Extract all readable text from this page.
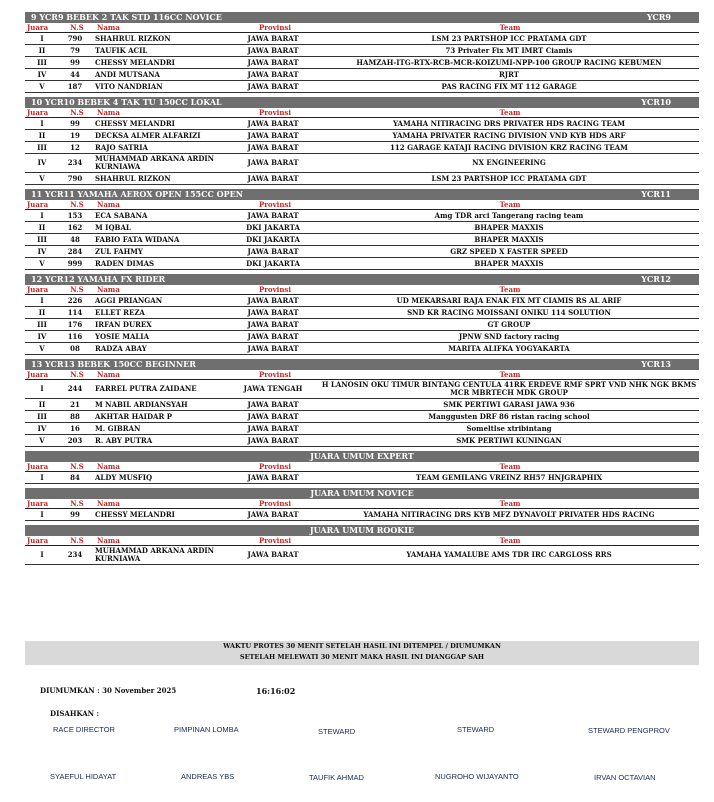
9 YCR9 BEBEK 2 TAK STD 116CC NOVICE	YCR9
Juara	N.S	Nama	Provinsi	Team
I	790	SHAHRUL RIZKON	JAWA BARAT	LSM 23 PARTSHOP ICC PRATAMA GDT
II	79	TAUFIK ACIL	JAWA BARAT	73 Privater Fix MT IMRT Ciamis
III	99	CHESSY MELANDRI	JAWA BARAT	HAMZAH-ITG-RTX-RCB-MCR-KOIZUMI-NPP-100 GROUP RACING KEBUMEN
IV	44	ANDI MUTSANA	JAWA BARAT	RJRT
V	187	VITO NANDRIAN	JAWA BARAT	PAS RACING FIX MT 112 GARAGE
10 YCR10 BEBEK 4 TAK TU 150CC LOKAL	YCR10
Juara	N.S	Nama	Provinsi	Team
I	99	CHESSY MELANDRI	JAWA BARAT	YAMAHA NITIRACING DRS PRIVATER HDS RACING TEAM
II	19	DECKSA ALMER ALFARIZI	JAWA BARAT	YAMAHA PRIVATER RACING DIVISION VND KYB HDS ARF
III	12	RAJO SATRIA	JAWA BARAT	112 GARAGE KATAJI RACING DIVISION KRZ RACING TEAM
IV	234	MUHAMMAD ARKANA ARDIN KURNIAWA	JAWA BARAT	NX ENGINEERING
V	790	SHAHRUL RIZKON	JAWA BARAT	LSM 23 PARTSHOP ICC PRATAMA GDT
11 YCR11 YAMAHA AEROX OPEN 155CC OPEN	YCR11
Juara	N.S	Nama	Provinsi	Team
I	153	ECA SABANA	JAWA BARAT	Amg TDR arci Tangerang racing team
II	162	M IQBAL	DKI JAKARTA	BHAPER MAXXIS
III	48	FABIO FATA WIDANA	DKI JAKARTA	BHAPER MAXXIS
IV	284	ZUL FAHMY	JAWA BARAT	GRZ SPEED X FASTER SPEED
V	999	RADEN DIMAS	DKI JAKARTA	BHAPER MAXXIS
12 YCR12 YAMAHA FX RIDER	YCR12
Juara	N.S	Nama	Provinsi	Team
I	226	AGGI PRIANGAN	JAWA BARAT	UD MEKARSARI RAJA ENAK FIX MT CIAMIS RS AL ARIF
II	114	ELLET REZA	JAWA BARAT	SND KR RACING MOISSANI ONIKU 114 SOLUTION
III	176	IRFAN DUREX	JAWA BARAT	GT GROUP
IV	116	YOSIE MALIA	JAWA BARAT	JPNW SND factory racing
V	08	RADZA ABAY	JAWA BARAT	MARITA ALIFKA YOGYAKARTA
13 YCR13 BEBEK 150CC BEGINNER	YCR13
Juara	N.S	Nama	Provinsi	Team
I	244	FARREL PUTRA ZAIDANE	JAWA TENGAH	H LANOSIN OKU TIMUR BINTANG CENTULA 41RK ERDEVE RMF SPRT VND NHK NGK BKMS MCR MBRTECH MDK GROUP
II	21	M NABIL ARDIANSYAH	JAWA BARAT	SMK PERTIWI GARASI JAWA 936
III	88	AKHTAR HAIDAR P	JAWA BARAT	Manggusten DRF 86 ristan racing school
IV	16	M. GIBRAN	JAWA BARAT	Someltlse xtribintang
V	203	R. ABY PUTRA	JAWA BARAT	SMK PERTIWI KUNINGAN
JUARA UMUM EXPERT
Juara	N.S	Nama	Provinsi	Team
I	84	ALDY MUSFIQ	JAWA BARAT	TEAM GEMILANG VREINZ RH57 HNJGRAPHIX
JUARA UMUM NOVICE
Juara	N.S	Nama	Provinsi	Team
I	99	CHESSY MELANDRI	JAWA BARAT	YAMAHA NITIRACING DRS KYB MFZ DYNAVOLT PRIVATER HDS RACING
JUARA UMUM ROOKIE
Juara	N.S	Nama	Provinsi	Team
I	234	MUHAMMAD ARKANA ARDIN KURNIAWA	JAWA BARAT	YAMAHA YAMALUBE AMS TDR IRC CARGLOSS RRS
WAKTU PROTES 30 MENIT SETELAH HASIL INI DITEMPEL / DIUMUMKAN
SETELAH MELEWATI 30 MENIT MAKA HASIL INI DIANGGAP SAH
DIUMUMKAN : 30 November 2025	16:16:02
DISAHKAN :
RACE DIRECTOR	PIMPINAN LOMBA	STEWARD	STEWARD	STEWARD PENGPROV
SYAEFUL HIDAYAT	ANDREAS YBS	TAUFIK AHMAD	NUGROHO WIJAYANTO	IRVAN OCTAVIAN
